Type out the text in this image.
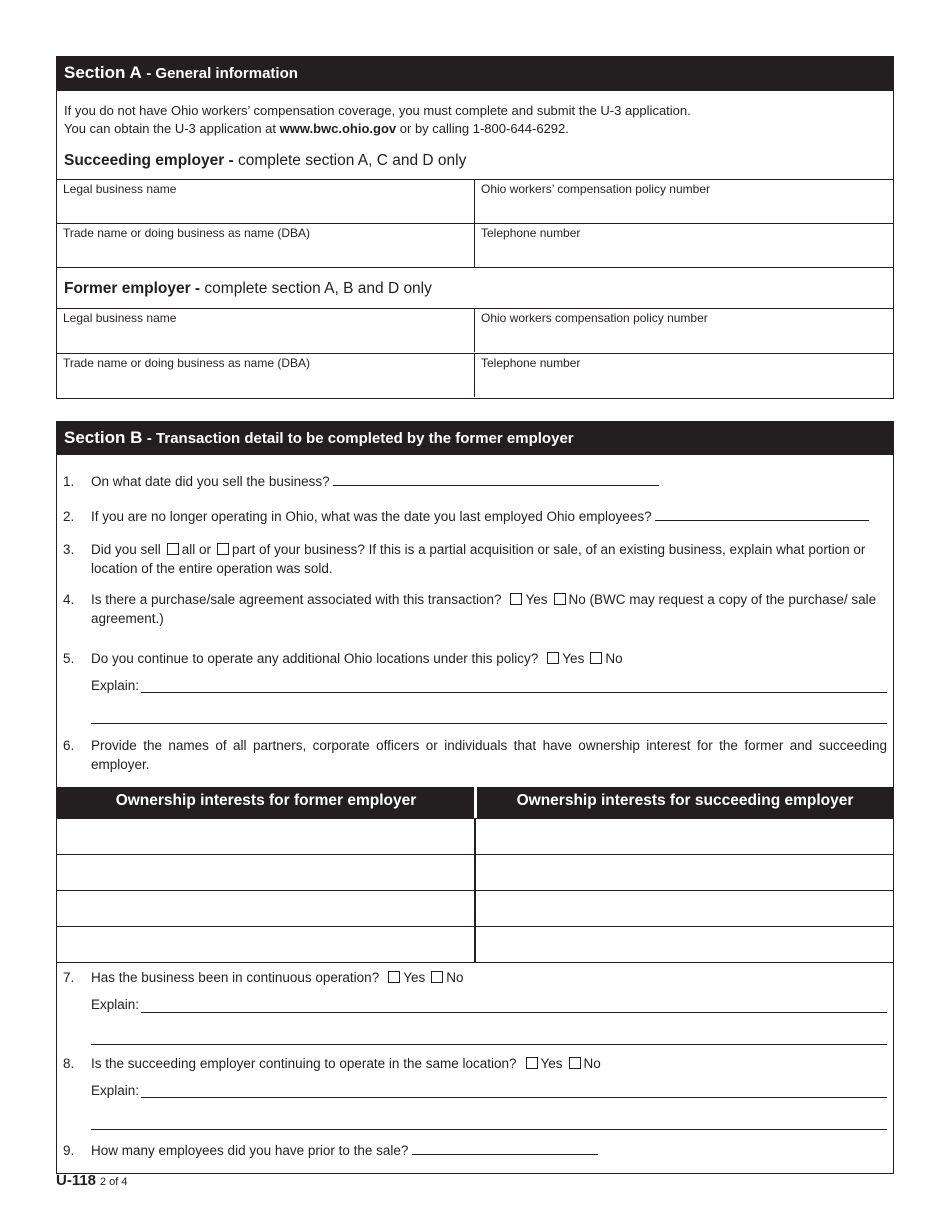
Section A - General information
If you do not have Ohio workers’ compensation coverage, you must complete and submit the U-3 application.
You can obtain the U-3 application at www.bwc.ohio.gov or by calling 1-800-644-6292.
Succeeding employer - complete section A, C and D only
Legal business name	Ohio workers’ compensation policy number
Trade name or doing business as name (DBA)	Telephone number
Former employer - complete section A, B and D only
Legal business name	Ohio workers compensation policy number
Trade name or doing business as name (DBA)	Telephone number
Section B - Transaction detail to be completed by the former employer
1. On what date did you sell the business?
2. If you are no longer operating in Ohio, what was the date you last employed Ohio employees?
3. Did you sell all or part of your business? If this is a partial acquisition or sale, of an existing business, explain what portion or location of the entire operation was sold.
4. Is there a purchase/sale agreement associated with this transaction? Yes No (BWC may request a copy of the purchase/ sale agreement.)
5. Do you continue to operate any additional Ohio locations under this policy? Yes No
Explain:
6. Provide the names of all partners, corporate officers or individuals that have ownership interest for the former and succeeding employer.
Ownership interests for former employer	Ownership interests for succeeding employer
7. Has the business been in continuous operation? Yes No
Explain:
8. Is the succeeding employer continuing to operate in the same location? Yes No
Explain:
9. How many employees did you have prior to the sale?
U-118 2 of 4
